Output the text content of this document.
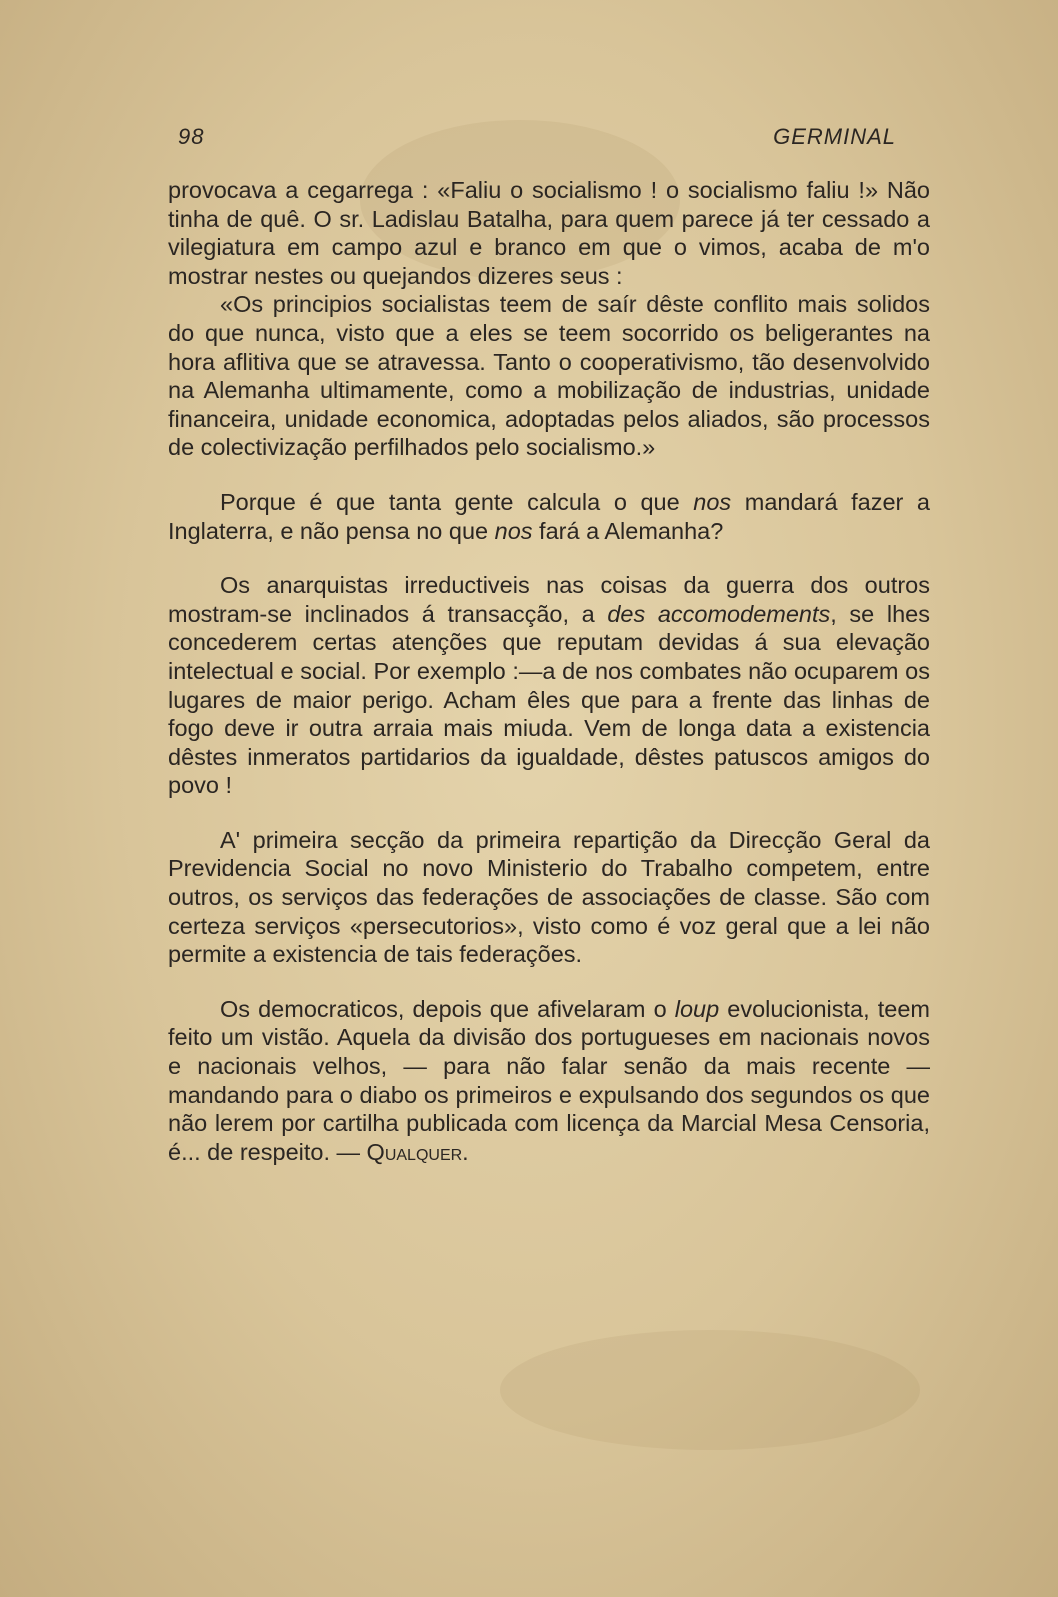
98	GERMINAL

provocava a cegarrega : «Faliu o socialismo ! o socialismo faliu !» Não tinha de quê. O sr. Ladislau Batalha, para quem parece já ter cessado a vilegiatura em campo azul e branco em que o vimos, acaba de m'o mostrar nestes ou quejandos dizeres seus :

«Os principios socialistas teem de saír dêste conflito mais solidos do que nunca, visto que a eles se teem socorrido os beligerantes na hora aflitiva que se atravessa. Tanto o cooperativismo, tão desenvolvido na Alemanha ultimamente, como a mobilização de industrias, unidade financeira, unidade economica, adoptadas pelos aliados, são processos de colectivização perfilhados pelo socialismo.»

Porque é que tanta gente calcula o que nos mandará fazer a Inglaterra, e não pensa no que nos fará a Alemanha?

Os anarquistas irreductiveis nas coisas da guerra dos outros mostram-se inclinados á transacção, a des accomodements, se lhes concederem certas atenções que reputam devidas á sua elevação intelectual e social. Por exemplo :—a de nos combates não ocuparem os lugares de maior perigo. Acham êles que para a frente das linhas de fogo deve ir outra arraia mais miuda. Vem de longa data a existencia dêstes inmeratos partidarios da igualdade, dêstes patuscos amigos do povo !

A' primeira secção da primeira repartição da Direcção Geral da Previdencia Social no novo Ministerio do Trabalho competem, entre outros, os serviços das federações de associações de classe. São com certeza serviços «persecutorios», visto como é voz geral que a lei não permite a existencia de tais federações.

Os democraticos, depois que afivelaram o loup evolucionista, teem feito um vistão. Aquela da divisão dos portugueses em nacionais novos e nacionais velhos, — para não falar senão da mais recente — mandando para o diabo os primeiros e expulsando dos segundos os que não lerem por cartilha publicada com licença da Marcial Mesa Censoria, é... de respeito. — Qualquer.
